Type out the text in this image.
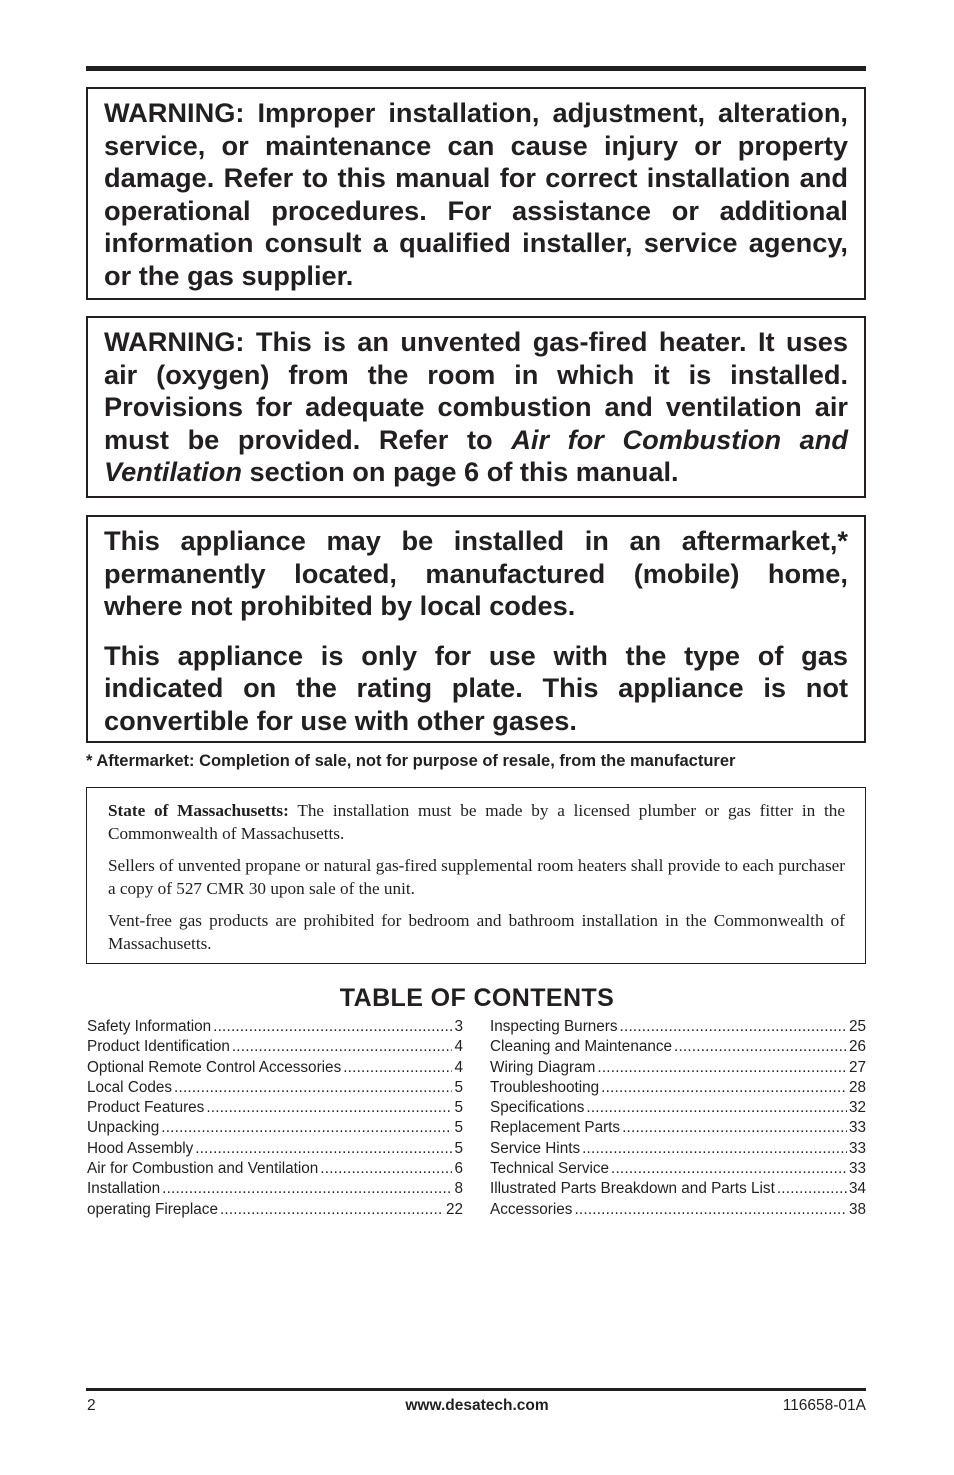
WARNING: Improper installation, adjustment, alteration, service, or maintenance can cause injury or property damage. Refer to this manual for correct installation and operational procedures. For assistance or additional information consult a qualified installer, service agency, or the gas supplier.

WARNING: This is an unvented gas-fired heater. It uses air (oxygen) from the room in which it is installed. Provisions for adequate combustion and ventilation air must be provided. Refer to Air for Combustion and Ventilation section on page 6 of this manual.

This appliance may be installed in an aftermarket,* permanently located, manufactured (mobile) home, where not prohibited by local codes.

This appliance is only for use with the type of gas indicated on the rating plate. This appliance is not convertible for use with other gases.

* Aftermarket: Completion of sale, not for purpose of resale, from the manufacturer

State of Massachusetts: The installation must be made by a licensed plumber or gas fitter in the Commonwealth of Massachusetts.

Sellers of unvented propane or natural gas-fired supplemental room heaters shall provide to each purchaser a copy of 527 CMR 30 upon sale of the unit.

Vent-free gas products are prohibited for bedroom and bathroom installation in the Commonwealth of Massachusetts.

TABLE OF CONTENTS
Safety Information .....	3
Product Identification .....	4
Optional Remote Control Accessories .....	4
Local Codes .....	5
Product Features .....	5
Unpacking .....	5
Hood Assembly .....	5
Air for Combustion and Ventilation .....	6
Installation .....	8
operating Fireplace .....	22
Inspecting Burners .....	25
Cleaning and Maintenance .....	26
Wiring Diagram .....	27
Troubleshooting .....	28
Specifications .....	32
Replacement Parts .....	33
Service Hints .....	33
Technical Service .....	33
Illustrated Parts Breakdown and Parts List .....	34
Accessories .....	38
2	www.desatech.com	116658-01A
